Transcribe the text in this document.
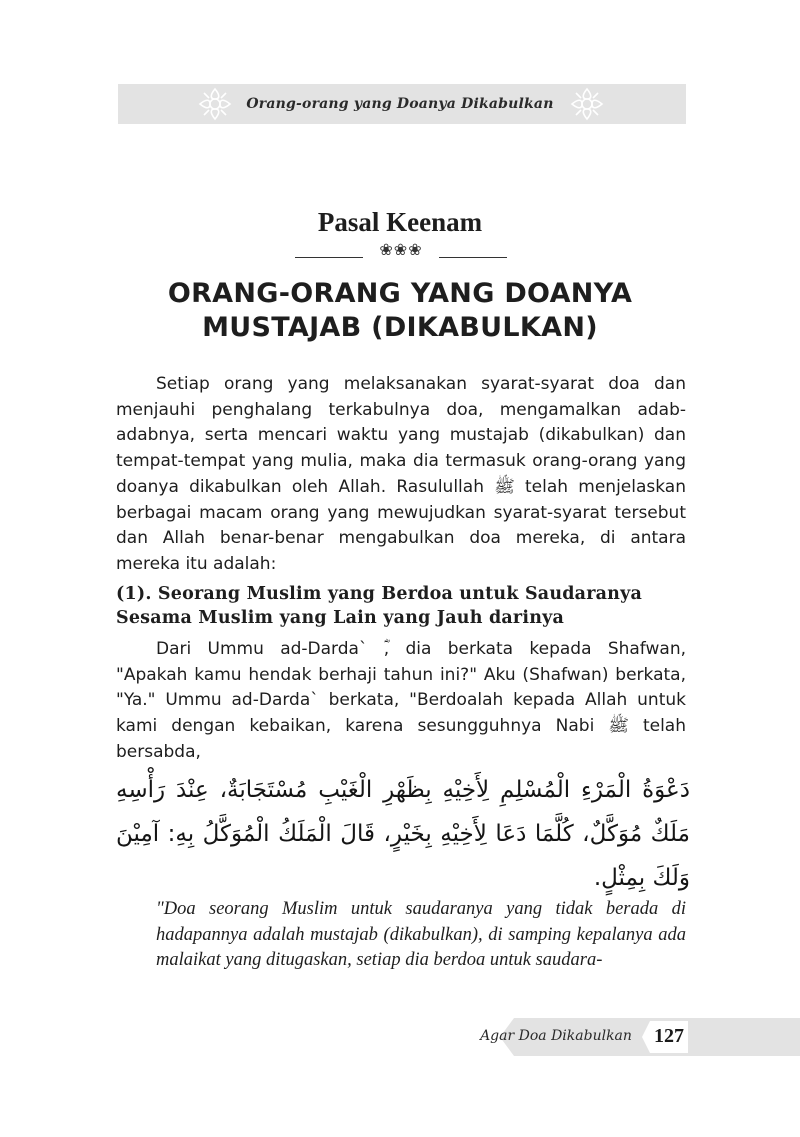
Orang-orang yang Doanya Dikabulkan
Pasal Keenam
❀❀❀
ORANG-ORANG YANG DOANYA
MUSTAJAB (DIKABULKAN)

Setiap orang yang melaksanakan syarat-syarat doa dan menjauhi penghalang terkabulnya doa, mengamalkan adab-adabnya, serta mencari waktu yang mustajab (dikabulkan) dan tempat-tempat yang mulia, maka dia termasuk orang-orang yang doanya dikabulkan oleh Allah. Rasulullah ﷺ telah menjelaskan berbagai macam orang yang mewujudkan syarat-syarat tersebut dan Allah benar-benar mengabulkan doa mereka, di antara mereka itu adalah:

(1). Seorang Muslim yang Berdoa untuk Saudaranya Sesama Muslim yang Lain yang Jauh darinya

Dari Ummu ad-Darda` ؓ, dia berkata kepada Shafwan, "Apakah kamu hendak berhaji tahun ini?" Aku (Shafwan) berkata, "Ya." Ummu ad-Darda` berkata, "Berdoalah kepada Allah untuk kami dengan kebaikan, karena sesungguhnya Nabi ﷺ telah bersabda,

دَعْوَةُ الْمَرْءِ الْمُسْلِمِ لِأَخِيْهِ بِظَهْرِ الْغَيْبِ مُسْتَجَابَةٌ، عِنْدَ رَأْسِهِ مَلَكٌ مُوَكَّلٌ، كُلَّمَا دَعَا لِأَخِيْهِ بِخَيْرٍ، قَالَ الْمَلَكُ الْمُوَكَّلُ بِهِ: آمِيْنَ وَلَكَ بِمِثْلٍ.
"Doa seorang Muslim untuk saudaranya yang tidak berada di hadapannya adalah mustajab (dikabulkan), di samping kepalanya ada malaikat yang ditugaskan, setiap dia berdoa untuk saudara-
Agar Doa Dikabulkan	127
